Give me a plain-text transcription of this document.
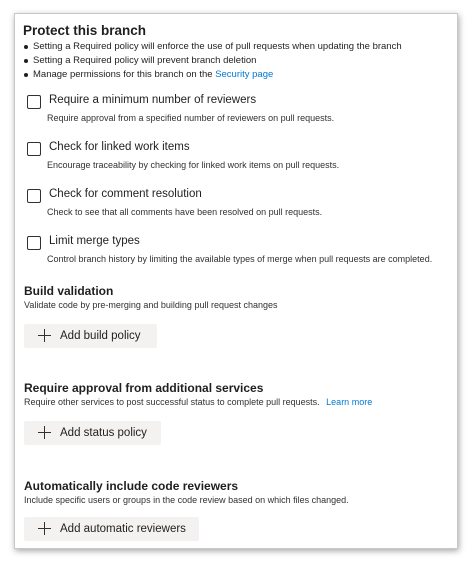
Protect this branch
Setting a Required policy will enforce the use of pull requests when updating the branch
Setting a Required policy will prevent branch deletion
Manage permissions for this branch on the Security page
Require a minimum number of reviewers
Require approval from a specified number of reviewers on pull requests.
Check for linked work items
Encourage traceability by checking for linked work items on pull requests.
Check for comment resolution
Check to see that all comments have been resolved on pull requests.
Limit merge types
Control branch history by limiting the available types of merge when pull requests are completed.
Build validation
Validate code by pre-merging and building pull request changes
Add build policy
Require approval from additional services
Require other services to post successful status to complete pull requests. Learn more
Add status policy
Automatically include code reviewers
Include specific users or groups in the code review based on which files changed.
Add automatic reviewers
